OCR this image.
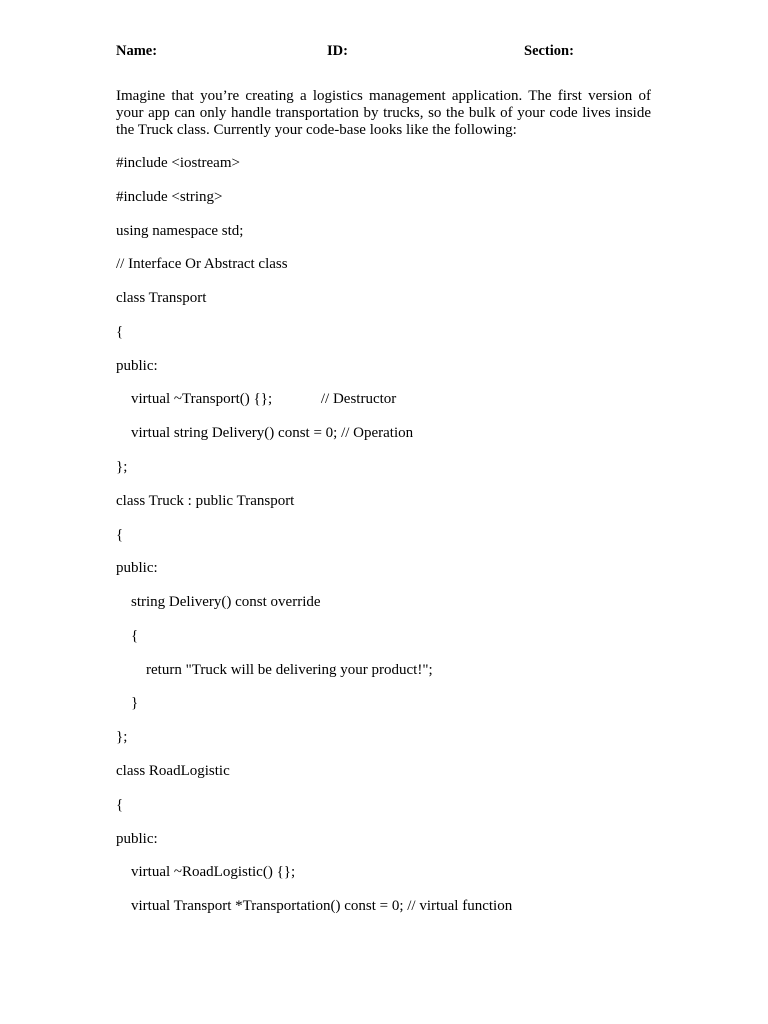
Name:	ID:	Section:

Imagine that you’re creating a logistics management application. The first version of your app can only handle transportation by trucks, so the bulk of your code lives inside the Truck class. Currently your code-base looks like the following:

#include <iostream>

#include <string>

using namespace std;

// Interface Or Abstract class

class Transport

{

public:

virtual ~Transport() {};             // Destructor

virtual string Delivery() const = 0; // Operation

};

class Truck : public Transport

{

public:

string Delivery() const override

{

return "Truck will be delivering your product!";

}

};

class RoadLogistic

{

public:

virtual ~RoadLogistic() {};

virtual Transport *Transportation() const = 0; // virtual function
